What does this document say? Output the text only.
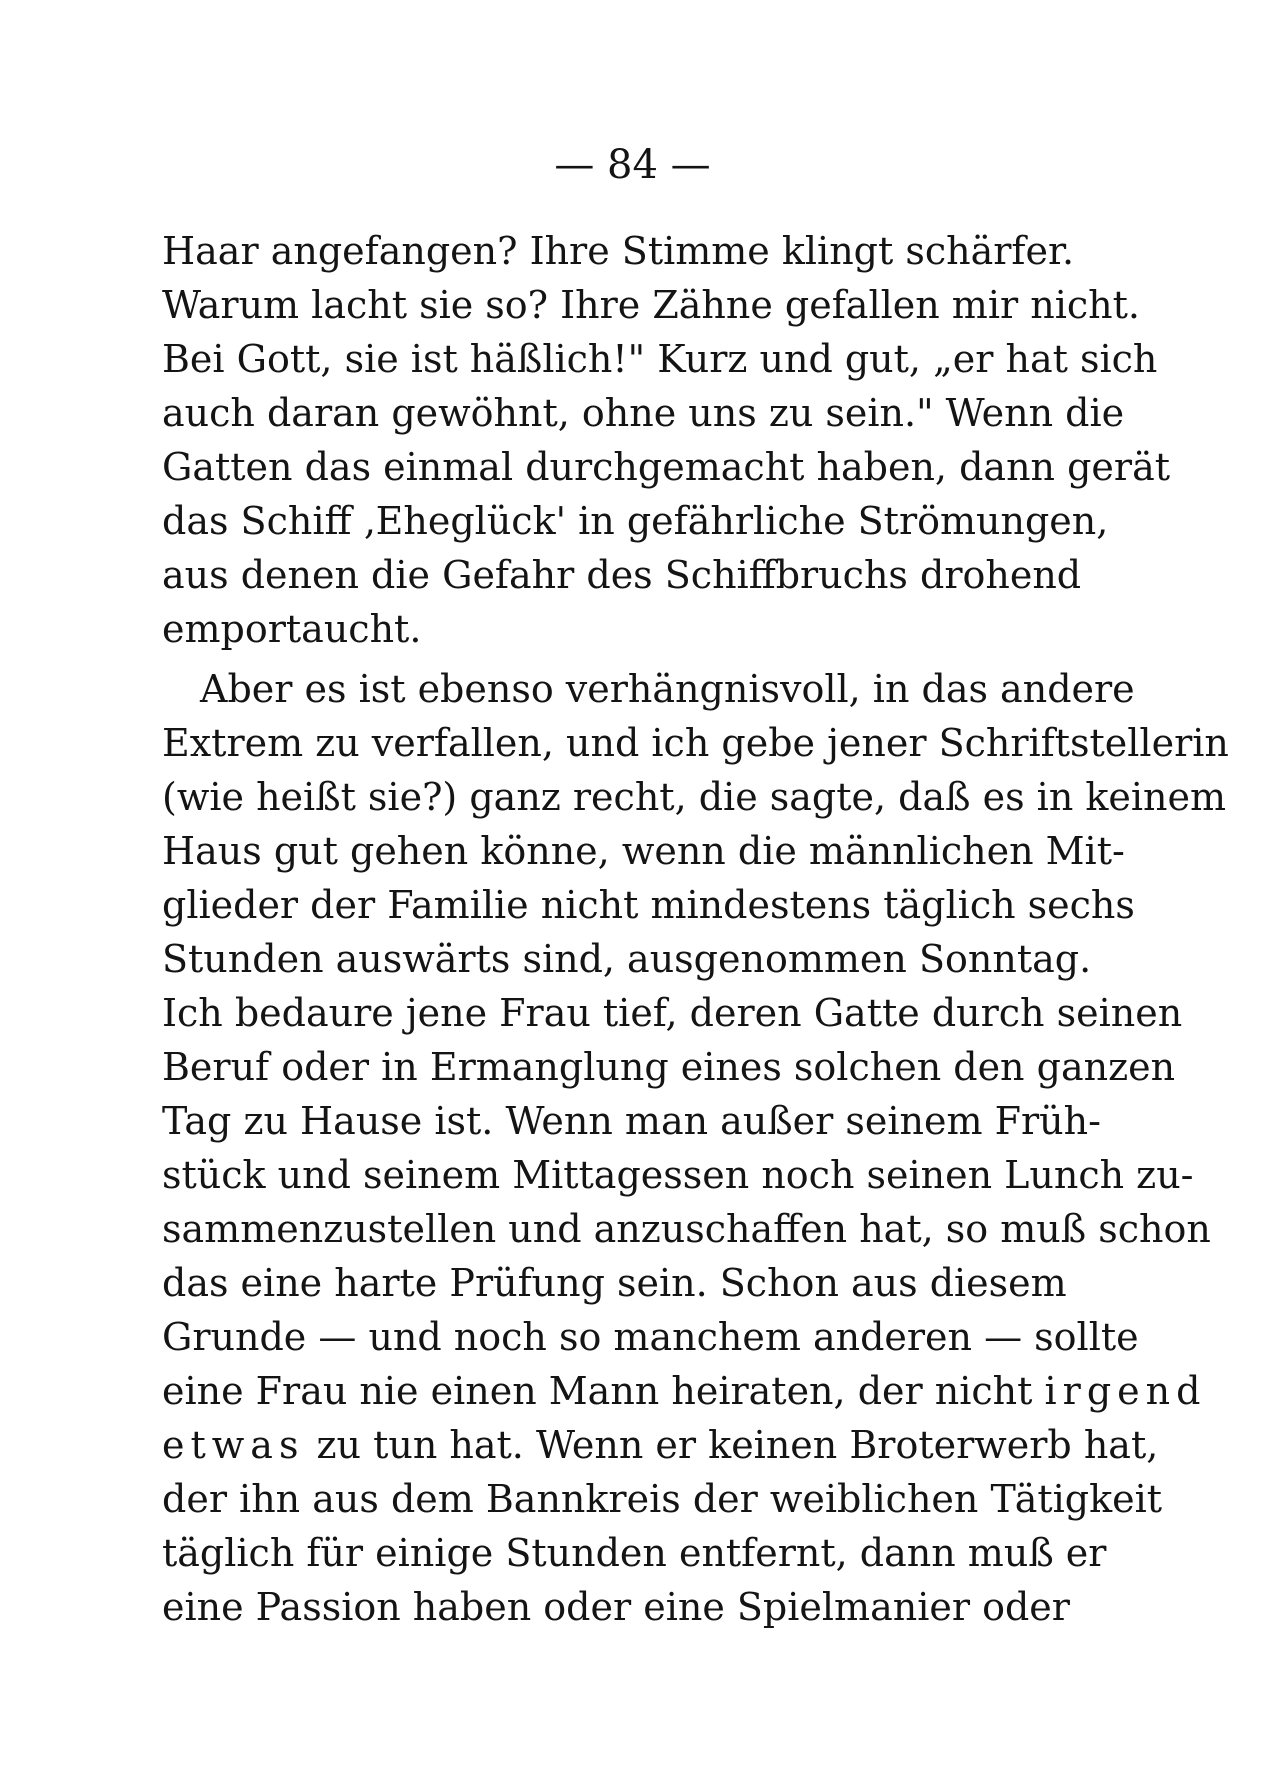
— 84 —
Haar angefangen? Ihre Stimme klingt schärfer.
Warum lacht sie so? Ihre Zähne gefallen mir nicht.
Bei Gott, sie ist häßlich!" Kurz und gut, „er hat sich
auch daran gewöhnt, ohne uns zu sein." Wenn die
Gatten das einmal durchgemacht haben, dann gerät
das Schiff ‚Eheglück' in gefährliche Strömungen,
aus denen die Gefahr des Schiffbruchs drohend
emportaucht.
Aber es ist ebenso verhängnisvoll, in das andere
Extrem zu verfallen, und ich gebe jener Schriftstellerin
(wie heißt sie?) ganz recht, die sagte, daß es in keinem
Haus gut gehen könne, wenn die männlichen Mit-
glieder der Familie nicht mindestens täglich sechs
Stunden auswärts sind, ausgenommen Sonntag.
Ich bedaure jene Frau tief, deren Gatte durch seinen
Beruf oder in Ermanglung eines solchen den ganzen
Tag zu Hause ist. Wenn man außer seinem Früh-
stück und seinem Mittagessen noch seinen Lunch zu-
sammenzustellen und anzuschaffen hat, so muß schon
das eine harte Prüfung sein. Schon aus diesem
Grunde — und noch so manchem anderen — sollte
eine Frau nie einen Mann heiraten, der nicht irgend
etwas zu tun hat. Wenn er keinen Broterwerb hat,
der ihn aus dem Bannkreis der weiblichen Tätigkeit
täglich für einige Stunden entfernt, dann muß er
eine Passion haben oder eine Spielmanier oder
